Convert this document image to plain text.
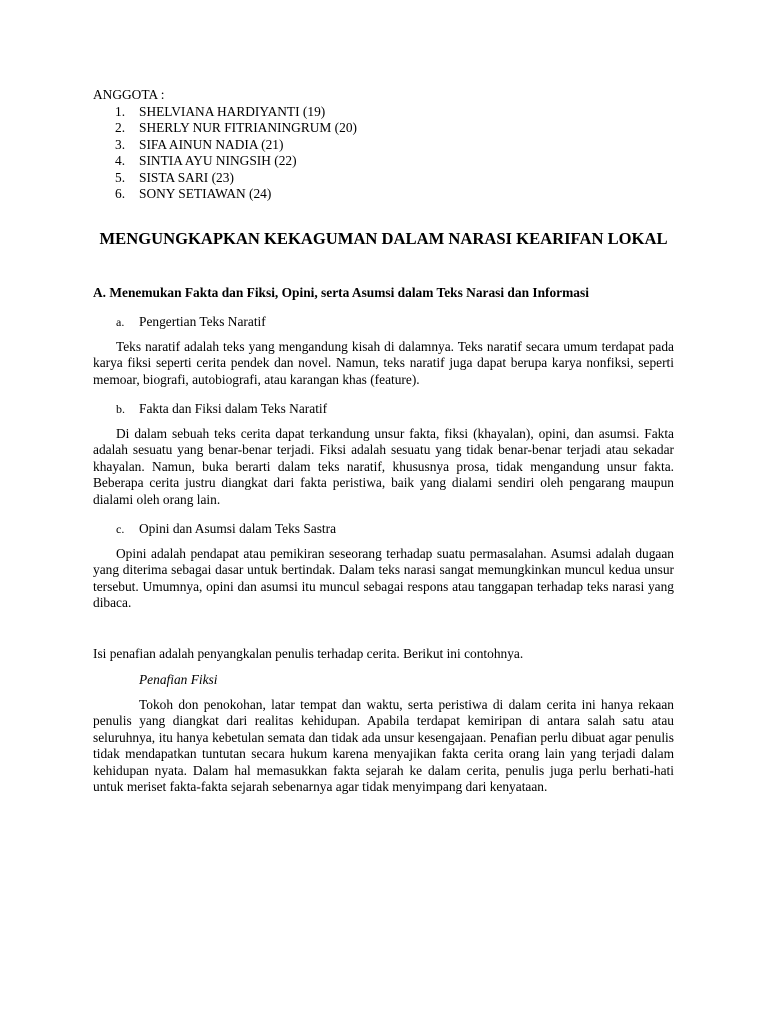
ANGGOTA :

1. SHELVIANA HARDIYANTI (19)
2. SHERLY NUR FITRIANINGRUM (20)
3. SIFA AINUN NADIA (21)
4. SINTIA AYU NINGSIH (22)
5. SISTA SARI (23)
6. SONY SETIAWAN (24)
MENGUNGKAPKAN KEKAGUMAN DALAM NARASI KEARIFAN LOKAL

A. Menemukan Fakta dan Fiksi, Opini, serta Asumsi dalam Teks Narasi dan Informasi

a. Pengertian Teks Naratif

Teks naratif adalah teks yang mengandung kisah di dalamnya. Teks naratif secara umum terdapat pada karya fiksi seperti cerita pendek dan novel. Namun, teks naratif juga dapat berupa karya nonfiksi, seperti memoar, biografi, autobiografi, atau karangan khas (feature).

b. Fakta dan Fiksi dalam Teks Naratif

Di dalam sebuah teks cerita dapat terkandung unsur fakta, fiksi (khayalan), opini, dan asumsi. Fakta adalah sesuatu yang benar-benar terjadi. Fiksi adalah sesuatu yang tidak benar-benar terjadi atau sekadar khayalan. Namun, buka berarti dalam teks naratif, khususnya prosa, tidak mengandung unsur fakta. Beberapa cerita justru diangkat dari fakta peristiwa, baik yang dialami sendiri oleh pengarang maupun dialami oleh orang lain.

c. Opini dan Asumsi dalam Teks Sastra

Opini adalah pendapat atau pemikiran seseorang terhadap suatu permasalahan. Asumsi adalah dugaan yang diterima sebagai dasar untuk bertindak. Dalam teks narasi sangat memungkinkan muncul kedua unsur tersebut. Umumnya, opini dan asumsi itu muncul sebagai respons atau tanggapan terhadap teks narasi yang dibaca.

Isi penafian adalah penyangkalan penulis terhadap cerita. Berikut ini contohnya.

Penafian Fiksi

Tokoh don penokohan, latar tempat dan waktu, serta peristiwa di dalam cerita ini hanya rekaan penulis yang diangkat dari realitas kehidupan. Apabila terdapat kemiripan di antara salah satu atau seluruhnya, itu hanya kebetulan semata dan tidak ada unsur kesengajaan. Penafian perlu dibuat agar penulis tidak mendapatkan tuntutan secara hukum karena menyajikan fakta cerita orang lain yang terjadi dalam kehidupan nyata. Dalam hal memasukkan fakta sejarah ke dalam cerita, penulis juga perlu berhati-hati untuk meriset fakta-fakta sejarah sebenarnya agar tidak menyimpang dari kenyataan.
